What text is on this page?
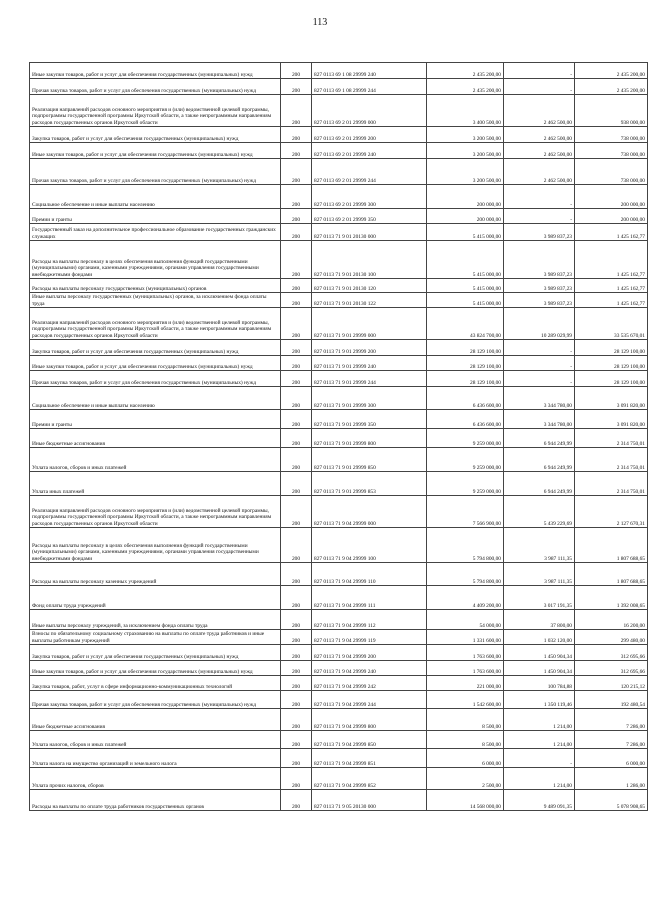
113
Иные закупки товаров, работ и услуг для обеспечения государственных (муниципальных) нужд	200	827 0113 69 1 08 29999 240	2 435 200,00	-	2 435 200,00
Прочая закупка товаров, работ и услуг для обеспечения государственных (муниципальных) нужд	200	827 0113 69 1 08 29999 244	2 435 200,00	-	2 435 200,00
Реализация направлений расходов основного мероприятия и (или) ведомственной целевой программы, подпрограммы государственной программы Иркутской области, а также непрограммным направлениям расходов государственных органов Иркутской области	200	827 0113 69 2 01 29999 000	3 400 500,00	2 462 500,00	938 000,00
Закупка товаров, работ и услуг для обеспечения государственных (муниципальных) нужд	200	827 0113 69 2 01 29999 200	3 200 500,00	2 462 500,00	738 000,00
Иные закупки товаров, работ и услуг для обеспечения государственных (муниципальных) нужд	200	827 0113 69 2 01 29999 240	3 200 500,00	2 462 500,00	738 000,00
Прочая закупка товаров, работ и услуг для обеспечения государственных (муниципальных) нужд	200	827 0113 69 2 01 29999 244	3 200 500,00	2 462 500,00	738 000,00
Социальное обеспечение и иные выплаты населению	200	827 0113 69 2 01 29999 300	200 000,00	-	200 000,00
Премии и гранты	200	827 0113 69 2 01 29999 350	200 000,00	-	200 000,00
Государственный заказ на дополнительное профессиональное образование государственных гражданских служащих	200	827 0113 71 9 01 20130 000	5 415 000,00	3 989 837,23	1 425 162,77
Расходы на выплаты персоналу в целях обеспечения выполнения функций государственными (муниципальными) органами, казенными учреждениями, органами управления государственными внебюджетными фондами	200	827 0113 71 9 01 20130 100	5 415 000,00	3 989 837,23	1 425 162,77
Расходы на выплаты персоналу государственных (муниципальных) органов	200	827 0113 71 9 01 20130 120	5 415 000,00	3 989 837,23	1 425 162,77
Иные выплаты персоналу государственных (муниципальных) органов, за исключением фонда оплаты труда	200	827 0113 71 9 01 20130 122	5 415 000,00	3 989 837,23	1 425 162,77
Реализация направлений расходов основного мероприятия и (или) ведомственной целевой программы, подпрограммы государственной программы Иркутской области, а также непрограммным направлениям расходов государственных органов Иркутской области	200	827 0113 71 9 01 29999 000	43 824 700,00	10 289 029,99	33 535 670,01
Закупка товаров, работ и услуг для обеспечения государственных (муниципальных) нужд	200	827 0113 71 9 01 29999 200	28 129 100,00	-	28 129 100,00
Иные закупки товаров, работ и услуг для обеспечения государственных (муниципальных) нужд	200	827 0113 71 9 01 29999 240	28 129 100,00	-	28 129 100,00
Прочая закупка товаров, работ и услуг для обеспечения государственных (муниципальных) нужд	200	827 0113 71 9 01 29999 244	28 129 100,00	-	28 129 100,00
Социальное обеспечение и иные выплаты населению	200	827 0113 71 9 01 29999 300	6 436 600,00	3 344 780,00	3 091 820,00
Премии и гранты	200	827 0113 71 9 01 29999 350	6 436 600,00	3 344 780,00	3 091 820,00
Иные бюджетные ассигнования	200	827 0113 71 9 01 29999 800	9 259 000,00	6 944 249,99	2 314 750,01
Уплата налогов, сборов и иных платежей	200	827 0113 71 9 01 29999 850	9 259 000,00	6 944 249,99	2 314 750,01
Уплата иных платежей	200	827 0113 71 9 01 29999 853	9 259 000,00	6 944 249,99	2 314 750,01
Реализация направлений расходов основного мероприятия и (или) ведомственной целевой программы, подпрограммы государственной программы Иркутской области, а также непрограммным направлениям расходов государственных органов Иркутской области	200	827 0113 71 9 04 29999 000	7 566 900,00	5 439 229,69	2 127 670,31
Расходы на выплаты персоналу в целях обеспечения выполнения функций государственными (муниципальными) органами, казенными учреждениями, органами управления государственными внебюджетными фондами	200	827 0113 71 9 04 29999 100	5 794 800,00	3 987 111,35	1 807 688,65
Расходы на выплаты персоналу казенных учреждений	200	827 0113 71 9 04 29999 110	5 794 800,00	3 987 111,35	1 807 688,65
Фонд оплаты труда учреждений	200	827 0113 71 9 04 29999 111	4 409 200,00	3 017 191,35	1 392 008,65
Иные выплаты персоналу учреждений, за исключением фонда оплаты труда	200	827 0113 71 9 04 29999 112	54 000,00	37 800,00	16 200,00
Взносы по обязательному социальному страхованию на выплаты по оплате труда работников и иные выплаты работникам учреждений	200	827 0113 71 9 04 29999 119	1 331 600,00	1 032 120,00	299 480,00
Закупка товаров, работ и услуг для обеспечения государственных (муниципальных) нужд	200	827 0113 71 9 04 29999 200	1 763 600,00	1 450 904,34	312 695,66
Иные закупки товаров, работ и услуг для обеспечения государственных (муниципальных) нужд	200	827 0113 71 9 04 29999 240	1 763 600,00	1 450 904,34	312 695,66
Закупка товаров, работ, услуг в сфере информационно-коммуникационных технологий	200	827 0113 71 9 04 29999 242	221 000,00	100 784,88	120 215,12
Прочая закупка товаров, работ и услуг для обеспечения государственных (муниципальных) нужд	200	827 0113 71 9 04 29999 244	1 542 600,00	1 350 119,46	192 480,54
Иные бюджетные ассигнования	200	827 0113 71 9 04 29999 800	8 500,00	1 214,00	7 286,00
Уплата налогов, сборов и иных платежей	200	827 0113 71 9 04 29999 850	8 500,00	1 214,00	7 286,00
Уплата налога на имущество организаций и земельного налога	200	827 0113 71 9 04 29999 851	6 000,00	-	6 000,00
Уплата прочих налогов, сборов	200	827 0113 71 9 04 29999 852	2 500,00	1 214,00	1 286,00
Расходы на выплаты по оплате труда работников государственных органов	200	827 0113 71 9 05 20130 000	14 568 000,00	9 489 091,35	5 078 908,65
